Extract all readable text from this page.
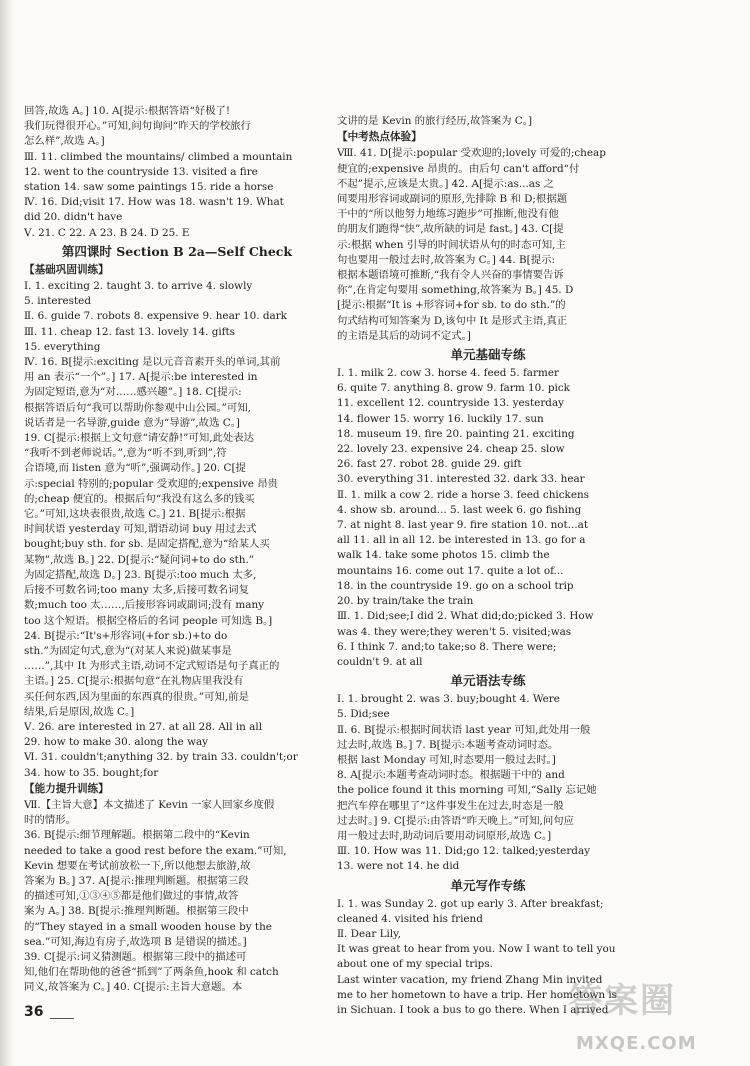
回答,故选 A。] 10. A[提示:根据答语“好极了!
我们玩得很开心。”可知,问句询问“昨天的学校旅行
怎么样”,故选 A。]
Ⅲ. 11. climbed the mountains/ climbed a mountain
12. went to the countryside 13. visited a fire
station 14. saw some paintings 15. ride a horse
Ⅳ. 16. Did;visit 17. How was 18. wasn't 19. What
did 20. didn't have
Ⅴ. 21. C 22. A 23. B 24. D 25. E
第四课时 Section B 2a—Self Check
【基础巩固训练】
Ⅰ. 1. exciting 2. taught 3. to arrive 4. slowly
5. interested
Ⅱ. 6. guide 7. robots 8. expensive 9. hear 10. dark
Ⅲ. 11. cheap 12. fast 13. lovely 14. gifts
15. everything
Ⅳ. 16. B[提示:exciting 是以元音音素开头的单词,其前
用 an 表示“一个”。] 17. A[提示:be interested in
为固定短语,意为“对……感兴趣”。] 18. C[提示:
根据答语后句“我可以帮助你参观中山公园。”可知,
说话者是一名导游,guide 意为“导游”,故选 C。]
19. C[提示:根据上文句意“请安静!”可知,此处表达
“我听不到老师说话。”,意为“听不到,听到”,符
合语境,而 listen 意为“听”,强调动作。] 20. C[提
示:special 特别的;popular 受欢迎的;expensive 昂贵
的;cheap 便宜的。根据后句“我没有这么多的钱买
它。”可知,这块表很贵,故选 C。] 21. B[提示:根据
时间状语 yesterday 可知,谓语动词 buy 用过去式
bought;buy sth. for sb. 是固定搭配,意为“给某人买
某物”,故选 B。] 22. D[提示:“疑问词+to do sth.”
为固定搭配,故选 D。] 23. B[提示:too much 太多,
后接不可数名词;too many 太多,后接可数名词复
数;much too 太……,后接形容词或副词;没有 many
too 这个短语。根据空格后的名词 people 可知选 B。]
24. B[提示:“It's+形容词(+for sb.)+to do
sth.”为固定句式,意为“(对某人来说)做某事是
……”,其中 It 为形式主语,动词不定式短语是句子真正的
主语。] 25. C[提示:根据句意“在礼物店里我没有
买任何东西,因为里面的东西真的很贵。”可知,前是
结果,后是原因,故选 C。]
Ⅴ. 26. are interested in 27. at all 28. All in all
29. how to make 30. along the way
Ⅵ. 31. couldn't;anything 32. by train 33. couldn't;or
34. how to 35. bought;for
【能力提升训练】
Ⅶ.【主旨大意】本文描述了 Kevin 一家人回家乡度假
时的情形。
36. B[提示:细节理解题。根据第二段中的“Kevin
needed to take a good rest before the exam.”可知,
Kevin 想要在考试前放松一下,所以他想去旅游,故
答案为 B。] 37. A[提示:推理判断题。根据第三段
的描述可知,①③④⑤都是他们做过的事情,故答
案为 A。] 38. B[提示:推理判断题。根据第三段中
的“They stayed in a small wooden house by the
sea.”可知,海边有房子,故选项 B 是错误的描述。]
39. C[提示:词义猜测题。根据第三段中的描述可
知,他们在帮助他的爸爸“抓到”了两条鱼,hook 和 catch
同义,故答案为 C。] 40. C[提示:主旨大意题。本
文讲的是 Kevin 的旅行经历,故答案为 C。]
【中考热点体验】
Ⅷ. 41. D[提示:popular 受欢迎的;lovely 可爱的;cheap
便宜的;expensive 昂贵的。由后句 can't afford“付
不起”提示,应该是太贵。] 42. A[提示:as...as 之
间要用形容词或副词的原形,先排除 B 和 D;根据题
干中的“所以他努力地练习跑步”可推断,他没有他
的朋友们跑得“快”,故所缺的词是 fast。] 43. C[提
示:根据 when 引导的时间状语从句的时态可知,主
句也要用一般过去时,故答案为 C。] 44. B[提示:
根据本题语境可推断,“我有令人兴奋的事情要告诉
你”,在肯定句要用 something,故答案为 B。] 45. D
[提示:根据“It is +形容词+for sb. to do sth.”的
句式结构可知答案为 D,该句中 It 是形式主语,真正
的主语是其后的动词不定式。]
单元基础专练
Ⅰ. 1. milk 2. cow 3. horse 4. feed 5. farmer
6. quite 7. anything 8. grow 9. farm 10. pick
11. excellent 12. countryside 13. yesterday
14. flower 15. worry 16. luckily 17. sun
18. museum 19. fire 20. painting 21. exciting
22. lovely 23. expensive 24. cheap 25. slow
26. fast 27. robot 28. guide 29. gift
30. everything 31. interested 32. dark 33. hear
Ⅱ. 1. milk a cow 2. ride a horse 3. feed chickens
4. show sb. around... 5. last week 6. go fishing
7. at night 8. last year 9. fire station 10. not...at
all 11. all in all 12. be interested in 13. go for a
walk 14. take some photos 15. climb the
mountains 16. come out 17. quite a lot of...
18. in the countryside 19. go on a school trip
20. by train/take the train
Ⅲ. 1. Did;see;I did 2. What did;do;picked 3. How
was 4. they were;they weren't 5. visited;was
6. I think 7. and;to take;so 8. There were;
couldn't 9. at all
单元语法专练
Ⅰ. 1. brought 2. was 3. buy;bought 4. Were
5. Did;see
Ⅱ. 6. B[提示:根据时间状语 last year 可知,此处用一般
过去时,故选 B。] 7. B[提示:本题考查动词时态。
根据 last Monday 可知,时态要用一般过去时。]
8. A[提示:本题考查动词时态。根据题干中的 and
the police found it this morning 可知,“Sally 忘记她
把汽车停在哪里了”这件事发生在过去,时态是一般
过去时。] 9. C[提示:由答语“昨天晚上。”可知,问句应
用一般过去时,助动词后要用动词原形,故选 C。]
Ⅲ. 10. How was 11. Did;go 12. talked;yesterday
13. were not 14. he did
单元写作专练
Ⅰ. 1. was Sunday 2. got up early 3. After breakfast;
cleaned 4. visited his friend
Ⅱ. Dear Lily,
It was great to hear from you. Now I want to tell you
about one of my special trips.
Last winter vacation, my friend Zhang Min invited
me to her hometown to have a trip. Her hometown is
in Sichuan. I took a bus to go there. When I arrived
36	答案圈
MXQE.COM
